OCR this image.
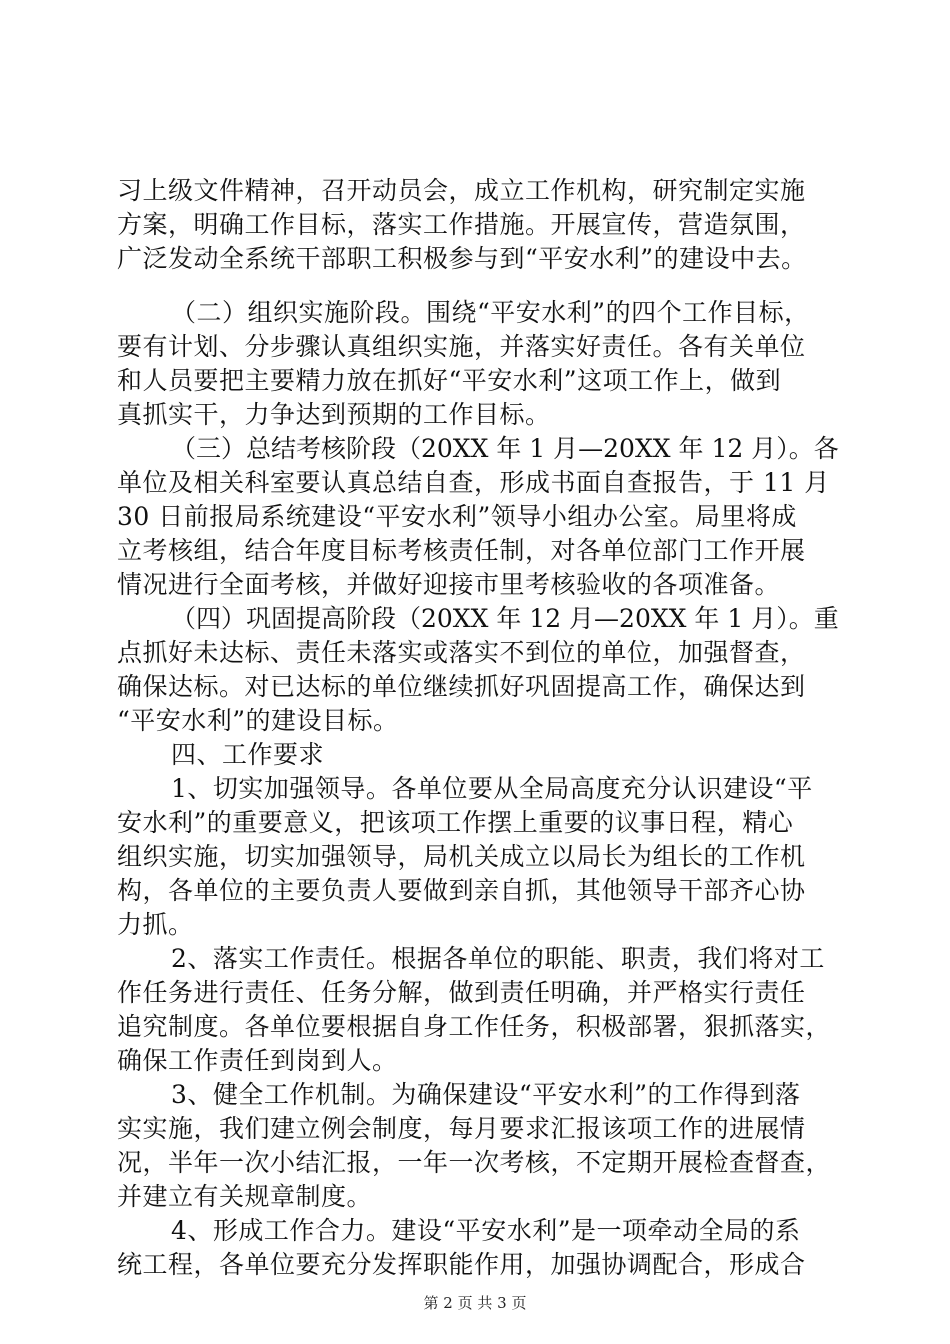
习上级文件精神，召开动员会，成立工作机构，研究制定实施
方案，明确工作目标，落实工作措施。开展宣传，营造氛围，
广泛发动全系统干部职工积极参与到“平安水利”的建设中去。
（二）组织实施阶段。围绕“平安水利”的四个工作目标，
要有计划、分步骤认真组织实施，并落实好责任。各有关单位
和人员要把主要精力放在抓好“平安水利”这项工作上，做到
真抓实干，力争达到预期的工作目标。
（三）总结考核阶段（20XX 年 1 月—20XX 年 12 月）。各
单位及相关科室要认真总结自查，形成书面自查报告，于 11 月
30 日前报局系统建设“平安水利”领导小组办公室。局里将成
立考核组，结合年度目标考核责任制，对各单位部门工作开展
情况进行全面考核，并做好迎接市里考核验收的各项准备。
（四）巩固提高阶段（20XX 年 12 月—20XX 年 1 月）。重
点抓好未达标、责任未落实或落实不到位的单位，加强督查，
确保达标。对已达标的单位继续抓好巩固提高工作，确保达到
“平安水利”的建设目标。
四、工作要求
1、切实加强领导。各单位要从全局高度充分认识建设“平
安水利”的重要意义，把该项工作摆上重要的议事日程，精心
组织实施，切实加强领导，局机关成立以局长为组长的工作机
构，各单位的主要负责人要做到亲自抓，其他领导干部齐心协
力抓。
2、落实工作责任。根据各单位的职能、职责，我们将对工
作任务进行责任、任务分解，做到责任明确，并严格实行责任
追究制度。各单位要根据自身工作任务，积极部署，狠抓落实，
确保工作责任到岗到人。
3、健全工作机制。为确保建设“平安水利”的工作得到落
实实施，我们建立例会制度，每月要求汇报该项工作的进展情
况，半年一次小结汇报，一年一次考核，不定期开展检查督查，
并建立有关规章制度。
4、形成工作合力。建设“平安水利”是一项牵动全局的系
统工程，各单位要充分发挥职能作用，加强协调配合，形成合
第 2 页 共 3 页
